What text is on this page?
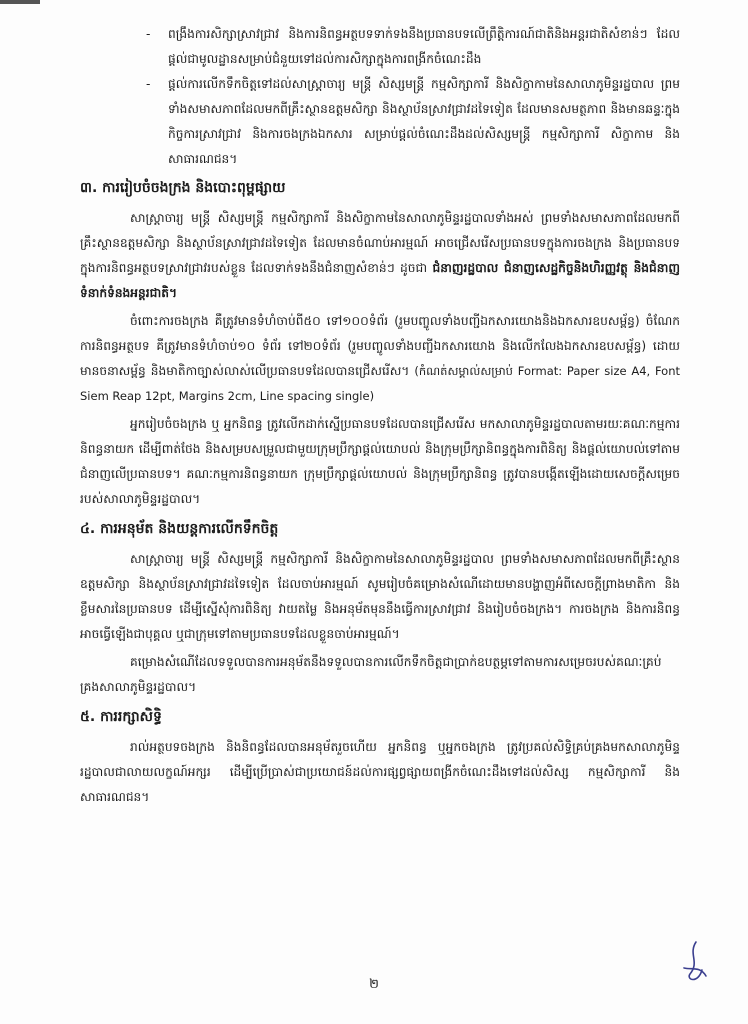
-	ពង្រឹងការសិក្សាស្រាវជ្រាវ និងការនិពន្ធអត្ថបទទាក់ទងនឹងប្រធានបទលើព្រឹត្តិការណ៍ជាតិនិងអន្តរជាតិសំខាន់ៗ ដែលផ្ដល់ជាមូលដ្ឋានសម្រាប់ជំនួយទៅដល់ការសិក្សាក្នុងការពង្រីកចំណេះដឹង
-	ផ្ដល់ការលើកទឹកចិត្តទៅដល់សាស្ត្រាចារ្យ មន្ត្រី សិស្សមន្ត្រី កម្មសិក្សាការី និងសិក្ខាកាមនៃសាលាភូមិន្ទរដ្ឋបាល ព្រមទាំងសមាសភាពដែលមកពីគ្រឹះស្ថានឧត្ដមសិក្សា និងស្ថាប័នស្រាវជ្រាវដទៃទៀត ដែលមានសមត្ថភាព និងមានឆន្ទៈក្នុងកិច្ចការស្រាវជ្រាវ និងការចងក្រងឯកសារ សម្រាប់ផ្ដល់ចំណេះដឹងដល់សិស្សមន្ត្រី កម្មសិក្សាការី សិក្ខាកាម និងសាធារណជន។
៣. ការរៀបចំចងក្រង និងបោះពុម្ពផ្សាយ

សាស្ត្រាចារ្យ មន្ត្រី សិស្សមន្ត្រី កម្មសិក្សាការី និងសិក្ខាកាមនៃសាលាភូមិន្ទរដ្ឋបាលទាំងអស់ ព្រមទាំងសមាសភាពដែលមកពីគ្រឹះស្ថានឧត្ដមសិក្សា និងស្ថាប័នស្រាវជ្រាវដទៃទៀត ដែលមានចំណាប់អារម្មណ៍ អាចជ្រើសរើសប្រធានបទក្នុងការចងក្រង និងប្រធានបទក្នុងការនិពន្ធអត្ថបទស្រាវជ្រាវរបស់ខ្លួន ដែលទាក់ទងនឹងជំនាញសំខាន់ៗ ដូចជា ជំនាញរដ្ឋបាល ជំនាញសេដ្ឋកិច្ចនិងហិរញ្ញវត្ថុ និងជំនាញទំនាក់ទំនងអន្តរជាតិ។

ចំពោះការចងក្រង គឺត្រូវមានទំហំចាប់ពី៥០ ទៅ១០០ទំព័រ (រួមបញ្ចូលទាំងបញ្ជីឯកសារយោងនិងឯកសារឧបសម្ព័ន្ធ) ចំណែកការនិពន្ធអត្ថបទ គឺត្រូវមានទំហំចាប់១០ ទំព័រ ទៅ២០ទំព័រ (រួមបញ្ចូលទាំងបញ្ជីឯកសារយោង និងលើកលែងឯកសារឧបសម្ព័ន្ធ) ដោយមានចនាសម្ព័ន្ធ និងមាតិកាច្បាស់លាស់លើប្រធានបទដែលបានជ្រើសរើស។ (កំណត់សម្គាល់សម្រាប់ Format: Paper size A4, Font Siem Reap 12pt, Margins 2cm, Line spacing single)

អ្នករៀបចំចងក្រង ឬ អ្នកនិពន្ធ ត្រូវលើកដាក់ស្នើប្រធានបទដែលបានជ្រើសរើស មកសាលាភូមិន្ទរដ្ឋបាលតាមរយៈគណៈកម្មការនិពន្ធនាយក ដើម្បីពាត់ថែង និងសម្របសម្រួលជាមួយក្រុមប្រឹក្សាផ្ដល់យោបល់ និងក្រុមប្រឹក្សានិពន្ធក្នុងការពិនិត្យ និងផ្ដល់យោបល់ទៅតាមជំនាញលើប្រធានបទ។ គណៈកម្មការនិពន្ធនាយក ក្រុមប្រឹក្សាផ្ដល់យោបល់ និងក្រុមប្រឹក្សានិពន្ធ ត្រូវបានបង្កើតឡើងដោយសេចក្ដីសម្រេចរបស់សាលាភូមិន្ទរដ្ឋបាល។

៤. ការអនុម័ត និងយន្តការលើកទឹកចិត្ត

សាស្ត្រាចារ្យ មន្ត្រី សិស្សមន្ត្រី កម្មសិក្សាការី និងសិក្ខាកាមនៃសាលាភូមិន្ទរដ្ឋបាល ព្រមទាំងសមាសភាពដែលមកពីគ្រឹះស្ថានឧត្ដមសិក្សា និងស្ថាប័នស្រាវជ្រាវដទៃទៀត ដែលចាប់អារម្មណ៍ សូមរៀបចំគម្រោងសំណើដោយមានបង្ហាញអំពីសេចក្ដីព្រាងមាតិកា និងខ្លឹមសារនៃប្រធានបទ ដើម្បីស្នើសុំការពិនិត្យ វាយតម្លៃ និងអនុម័តមុននឹងធ្វើការស្រាវជ្រាវ និងរៀបចំចងក្រង។ ការចងក្រង និងការនិពន្ធអាចធ្វើឡើងជាបុគ្គល ឬជាក្រុមទៅតាមប្រធានបទដែលខ្លួនចាប់អារម្មណ៍។

គម្រោងសំណើដែលទទួលបានការអនុម័តនឹងទទួលបានការលើកទឹកចិត្តជាប្រាក់ឧបត្ថម្ភទៅតាមការសម្រេចរបស់គណៈគ្រប់គ្រងសាលាភូមិន្ទរដ្ឋបាល។

៥. ការរក្សាសិទ្ធិ

រាល់អត្ថបទចងក្រង និងនិពន្ធដែលបានអនុម័តរួចហើយ អ្នកនិពន្ធ ឬអ្នកចងក្រង ត្រូវប្រគល់សិទ្ធិគ្រប់គ្រងមកសាលាភូមិន្ទរដ្ឋបាលជាលាយលក្ខណ៍អក្សរ ដើម្បីប្រើប្រាស់ជាប្រយោជន៍ដល់ការផ្សព្វផ្សាយពង្រីកចំណេះដឹងទៅដល់សិស្ស កម្មសិក្សាការី និងសាធារណជន។

២
